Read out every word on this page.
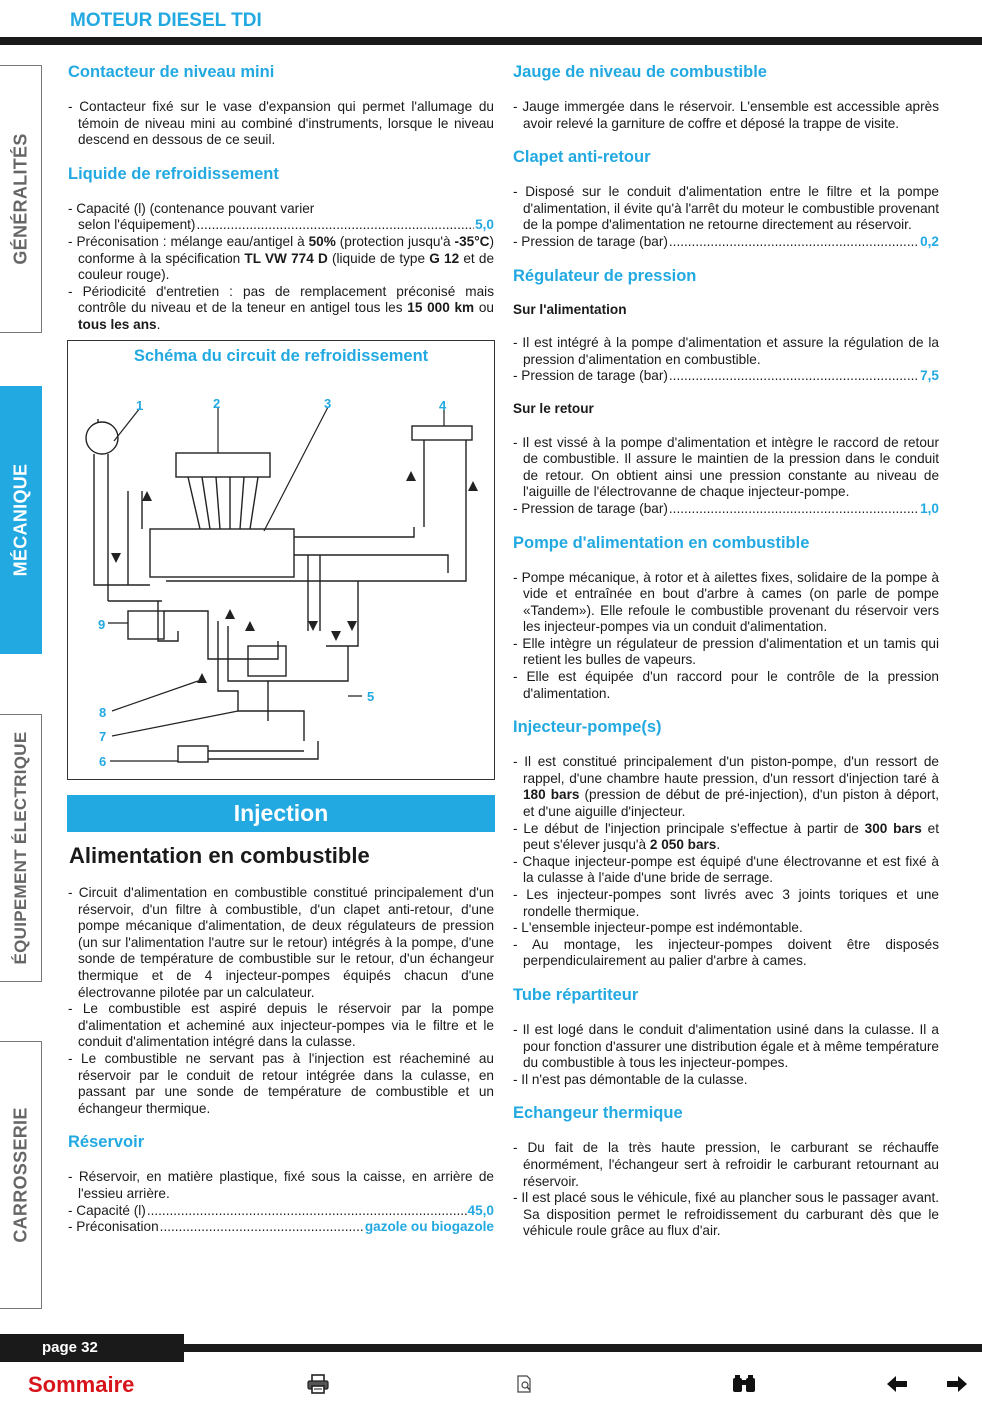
MOTEUR DIESEL TDI
GÉNÉRALITÉS
MÉCANIQUE
ÉQUIPEMENT ÉLECTRIQUE
CARROSSERIE
Contacteur de niveau mini
- Contacteur fixé sur le vase d'expansion qui permet l'allumage du témoin de niveau mini au combiné d'instruments, lorsque le niveau descend en dessous de ce seuil.
Liquide de refroidissement
- Capacité (l) (contenance pouvant varier
selon l'équipement) .....	5,0
- Préconisation : mélange eau/antigel à 50% (protection jusqu'à -35°C) conforme à la spécification TL VW 774 D (liquide de type G 12 et de couleur rouge).
- Périodicité d'entretien : pas de remplacement préconisé mais contrôle du niveau et de la teneur en antigel tous les 15 000 km ou tous les ans.
Schéma du circuit de refroidissement
1	2	3	4
5
6
7
8
9
Injection
Alimentation en combustible
- Circuit d'alimentation en combustible constitué principalement d'un réservoir, d'un filtre à combustible, d'un clapet anti-retour, d'une pompe mécanique d'alimentation, de deux régulateurs de pression (un sur l'alimentation l'autre sur le retour) intégrés à la pompe, d'une sonde de température de combustible sur le retour, d'un échangeur thermique et de 4 injecteur-pompes équipés chacun d'une électrovanne pilotée par un calculateur.
- Le combustible est aspiré depuis le réservoir par la pompe d'alimentation et acheminé aux injecteur-pompes via le filtre et le conduit d'alimentation intégré dans la culasse.
- Le combustible ne servant pas à l'injection est réacheminé au réservoir par le conduit de retour intégrée dans la culasse, en passant par une sonde de température de combustible et un échangeur thermique.
Réservoir
- Réservoir, en matière plastique, fixé sous la caisse, en arrière de l'essieu arrière.
- Capacité (l) .....	45,0
- Préconisation .....	gazole ou biogazole
Jauge de niveau de combustible
- Jauge immergée dans le réservoir. L'ensemble est accessible après avoir relevé la garniture de coffre et déposé la trappe de visite.
Clapet anti-retour
- Disposé sur le conduit d'alimentation entre le filtre et la pompe d'alimentation, il évite qu'à l'arrêt du moteur le combustible provenant de la pompe d'alimentation ne retourne directement au réservoir.
- Pression de tarage (bar) .....	0,2
Régulateur de pression
Sur l'alimentation
- Il est intégré à la pompe d'alimentation et assure la régulation de la pression d'alimentation en combustible.
- Pression de tarage (bar) .....	7,5
Sur le retour
- Il est vissé à la pompe d'alimentation et intègre le raccord de retour de combustible. Il assure le maintien de la pression dans le conduit de retour. On obtient ainsi une pression constante au niveau de l'aiguille de l'électrovanne de chaque injecteur-pompe.
- Pression de tarage (bar) .....	1,0
Pompe d'alimentation en combustible
- Pompe mécanique, à rotor et à ailettes fixes, solidaire de la pompe à vide et entraînée en bout d'arbre à cames (on parle de pompe «Tandem»). Elle refoule le combustible provenant du réservoir vers les injecteur-pompes via un conduit d'alimentation.
- Elle intègre un régulateur de pression d'alimentation et un tamis qui retient les bulles de vapeurs.
- Elle est équipée d'un raccord pour le contrôle de la pression d'alimentation.
Injecteur-pompe(s)
- Il est constitué principalement d'un piston-pompe, d'un ressort de rappel, d'une chambre haute pression, d'un ressort d'injection taré à 180 bars (pression de début de pré-injection), d'un piston à déport, et d'une aiguille d'injecteur.
- Le début de l'injection principale s'effectue à partir de 300 bars et peut s'élever jusqu'à 2 050 bars.
- Chaque injecteur-pompe est équipé d'une électrovanne et est fixé à la culasse à l'aide d'une bride de serrage.
- Les injecteur-pompes sont livrés avec 3 joints toriques et une rondelle thermique.
- L'ensemble injecteur-pompe est indémontable.
- Au montage, les injecteur-pompes doivent être disposés perpendiculairement au palier d'arbre à cames.
Tube répartiteur
- Il est logé dans le conduit d'alimentation usiné dans la culasse. Il a pour fonction d'assurer une distribution égale et à même température du combustible à tous les injecteur-pompes.
- Il n'est pas démontable de la culasse.
Echangeur thermique
- Du fait de la très haute pression, le carburant se réchauffe énormément, l'échangeur sert à refroidir le carburant retournant au réservoir.
- Il est placé sous le véhicule, fixé au plancher sous le passager avant. Sa disposition permet le refroidissement du carburant dès que le véhicule roule grâce au flux d'air.
page 32
Sommaire
